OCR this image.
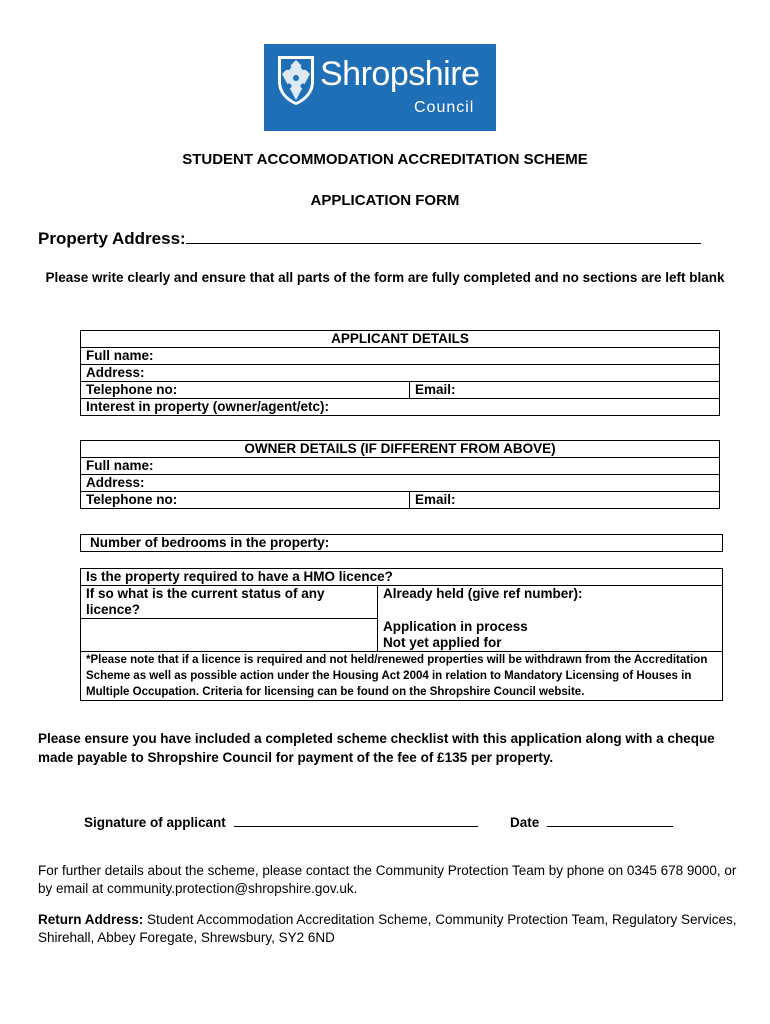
Shropshire
Council
STUDENT ACCOMMODATION ACCREDITATION SCHEME
APPLICATION FORM
Property Address:
Please write clearly and ensure that all parts of the form are fully completed and no sections are left blank
APPLICANT DETAILS
Full name:
Address:
Telephone no:	Email:
Interest in property (owner/agent/etc):
OWNER DETAILS (IF DIFFERENT FROM ABOVE)
Full name:
Address:
Telephone no:	Email:
Number of bedrooms in the property:
Is the property required to have a HMO licence?	
If so what is the current status of any licence?	Already held (give ref number):
	Application in process
	Not yet applied for
*Please note that if a licence is required and not held/renewed properties will be withdrawn from the Accreditation Scheme as well as possible action under the Housing Act 2004 in relation to Mandatory Licensing of Houses in Multiple Occupation. Criteria for licensing can be found on the Shropshire Council website.	
Please ensure you have included a completed scheme checklist with this application along with a cheque made payable to Shropshire Council for payment of the fee of £135 per property.
Signature of applicant	Date
For further details about the scheme, please contact the Community Protection Team by phone on 0345 678 9000, or by email at community.protection@shropshire.gov.uk.
Return Address: Student Accommodation Accreditation Scheme, Community Protection Team, Regulatory Services, Shirehall, Abbey Foregate, Shrewsbury, SY2 6ND
